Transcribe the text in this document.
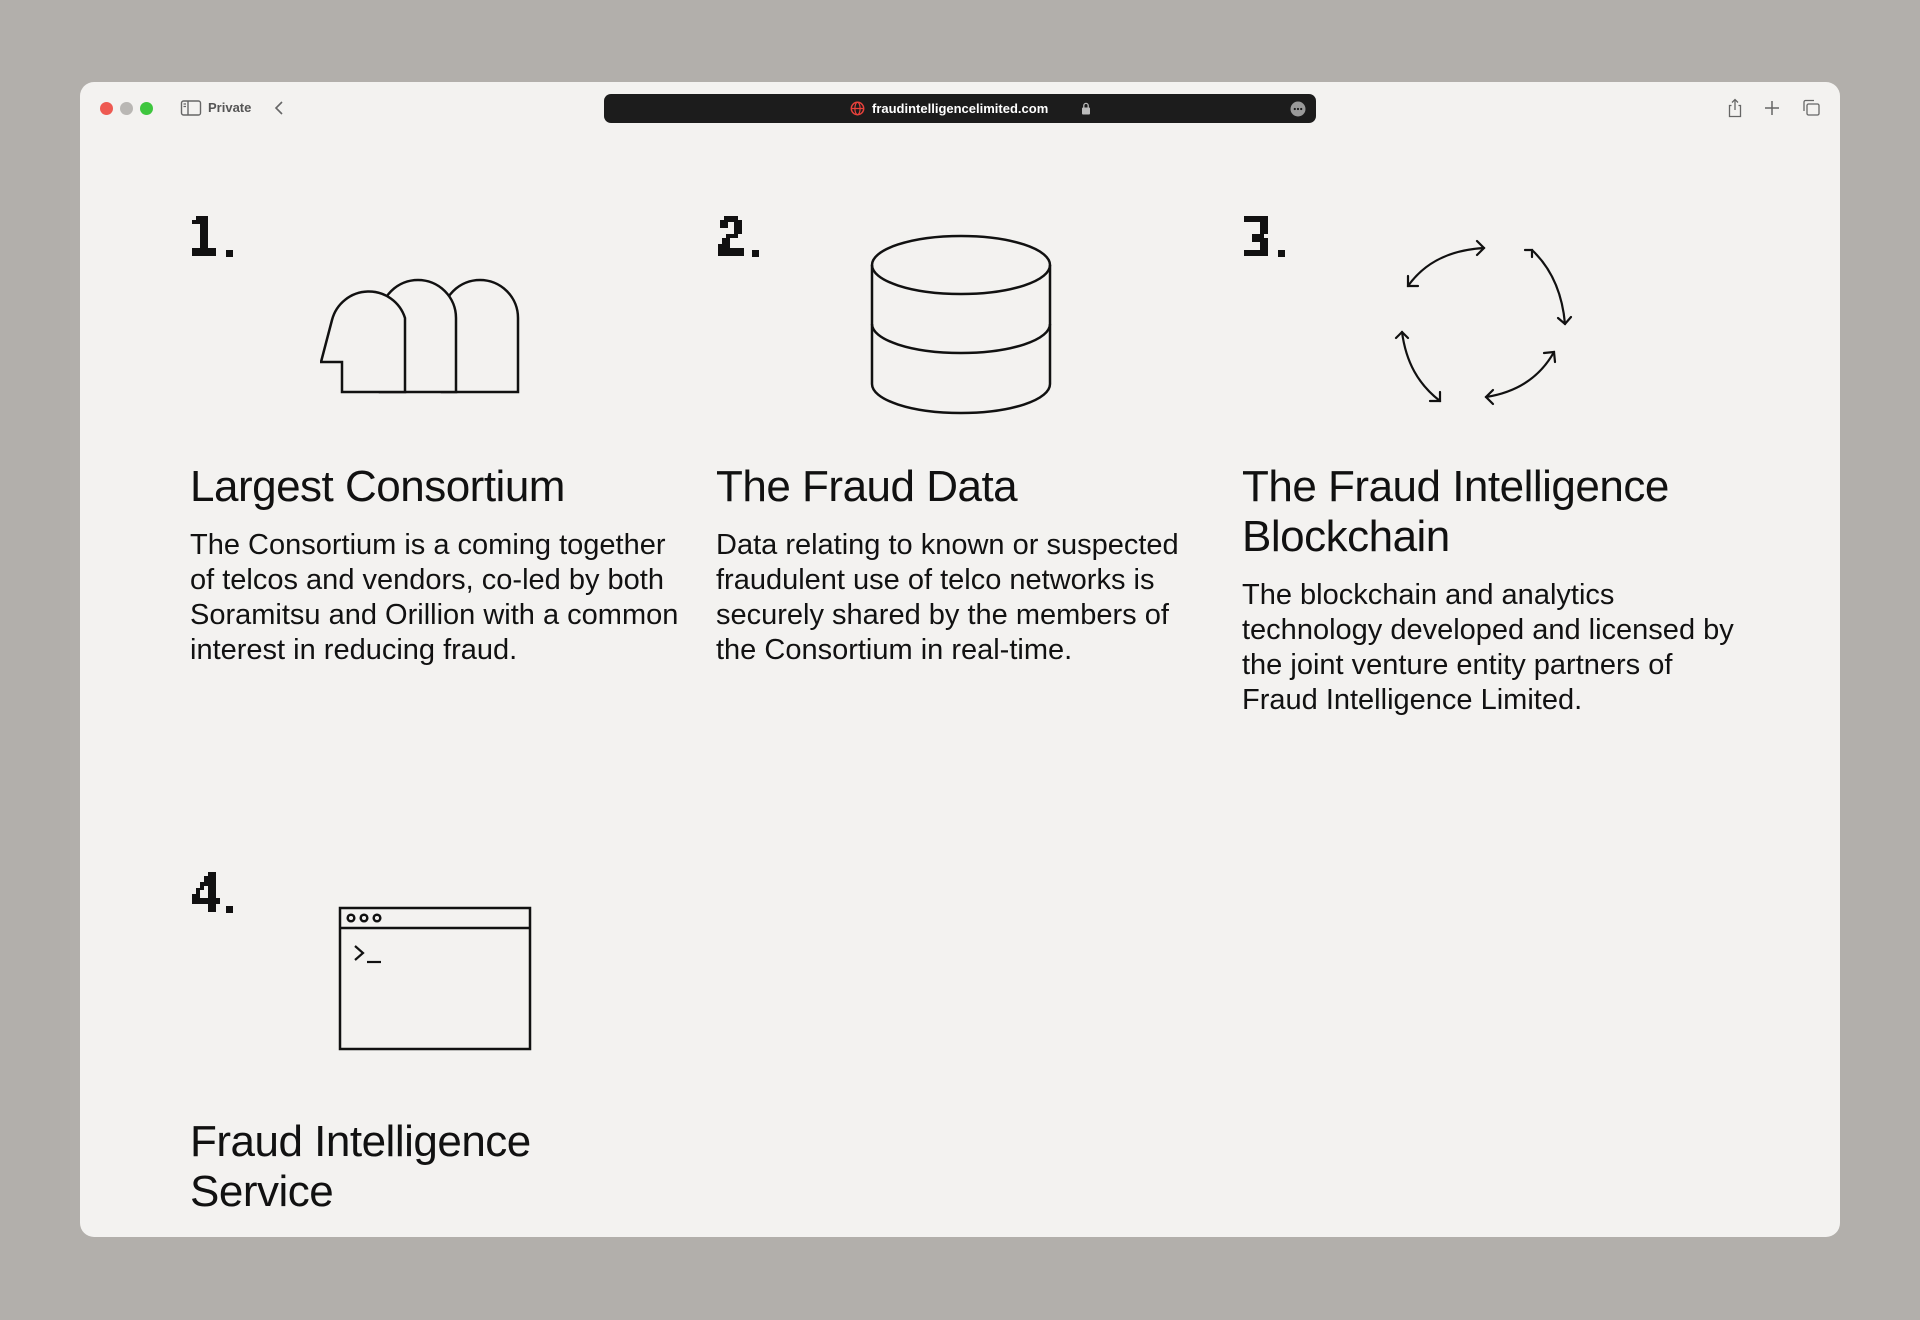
Private	fraudintelligencelimited.com
Largest Consortium
The Consortium is a coming together of telcos and vendors, co-led by both Soramitsu and Orillion with a common interest in reducing fraud.
The Fraud Data
Data relating to known or suspected fraudulent use of telco networks is securely shared by the members of the Consortium in real-time.
The Fraud Intelligence
Blockchain
The blockchain and analytics technology developed and licensed by the joint venture entity partners of Fraud Intelligence Limited.
Fraud Intelligence
Service
